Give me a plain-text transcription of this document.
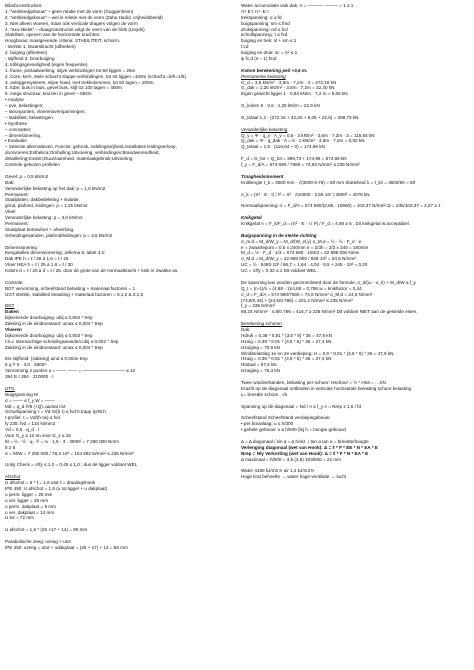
Bibobconstructies:
1. “verkleedgebouw” – geen relatie met de vorm (Guggenheim)
2. “verkleedgebouw” – wel in relatie met de vorm (Zaha Hadid, vrijheidsbeeld)
3. Niet alleen vloeren, maar ook verticale dragers volgen de vorm
4. “exo-skelet” – draagconstructie volgt de vorm van de blob (Lloyds)
Stabiliteit, openen van de horizontale krachten.
Hoogbouw; maatgevende criteria: STABILITEIT, schorm.
- sterkte 1. Dwarskracht (afbreken)
2. buiging (afbreken)
- stijfheid 3. Doorbuiging
4. trillingsgevoeligheid (eigen frequentie)
1. frame, portaalwerking, stijve verbindingen tot 50 liggen = 25m
2. Core, kern, stele schacht slappe verbindingen, tot 40 liggen =150m (schacht =b/h=1/6)
3. outriggersysteem, stijve hoed, met trekkolommen, tot 50 lagen = 200m.
4. tube; buis in buis, gevel buis, stijf tot 100 lagen = 400m
5. mega structuur, kruizen in gevel – 650m
• Analyse
– pve, belastingen;
– steunpunten, vloerenoverspanningen;
– stabiliteit, belastingen.
• Synthese
– concepten;
– dimensionering.
• Evaluatie
– Selectie alternatieven. Functie; gebruik, indelingsvrijheid,installaties leidingverloop,
doorvoeren;Esthetica;Omhulling;Uitvoering, verbindingen;Brandwerendheid,
detaillering;Kosten;Duurzaamheid, materiaalgebruik;Uitvoering
Controle gekozen profielen
Gevel: p = 0,5 kN/m2
Dak:
Veranderlijke belasting op het dak: p = 1,0 kN/m2
Permanent:
Staalplaten, dakbedekking + isolatie,
grind, plafond, leidingen: p = 1,25 kN/m2
Vloer
Veranderlijke belasting: p = 3,0 kN/m2
Permanent:
Staalplaat betonvloer + afwerking,
Scheidingswanden, plafond/leidingen: p = 3,5 kN/m2
Dimensionering
Kengetallen dimensionering, Jellema 9, tabel 4.2:
Dak IPE h = ℓ / 28 à 1,6 = ℓ / 25
Vloer HEA h = ℓ / 25 à 1,6 = ℓ / 30
Kolom d = ℓ / 20 à d = ℓ / 25, door de grote van de normaalkracht + knik in zwakke as.
Controle;
BGT vervorming, scheefstand belasting + materiaal factoren = 1
UGT sterkte, stabiliteit belasting + materiaal factoren = 0,1,2 & 0,1,5
BGT
Daken
bijkomende doorbuiging: ubij ≤ 0,004 * ℓrep
Zakking in de eindtoestand: umax ≤ 0,004 * ℓrep
Vloeren
bijkomende doorbuiging: ubij ≤ 0,003 * ℓrep
t.b.v. steenachtige scheidingswanden;ubij ≤ 0,002 * ℓrep
Zakking in de eindtoestand: umax ≤ 0,004 * ℓrep
Eis stijfheid: (zakking) uind ≤ 0,004x ℓrep
5 q l⁴ 5 · 3,0 · 3600⁴
Vervorming 2 punten u = ─── ─── = ───────────── ≤ 12
384 E·I 384 · 210000 · I
UTG
Buigspanning M
σ = ─── ≤ f_y W = ───
Md = q_d·l²/8 (+Q)..aantal m2
Schuifspanning τ = Vd·S/(b·I) ≤ fvd h.trapp Ip/W.h
I-profiel: τ = Vd/(h·tw) ≤ fvd
fy 235: fvd = 134 N/mm2
Vd = 0,5 · q_d · l
Voor G_y ≤ 12 en voor G_z ≤ 15
M = ½ · ½ · q · l² = ⅛ · 1,5 · 3 · 3600² = 7 290 000 Nmm
8 2 8
σ = M/W = 7 290 000 / 78,3·10³ = 104 682 N/mm² ≤ 235 N/mm²
Unity Check = σ/fy ≤ 1,0 = 0,45 ≤ 1,0 ; dus de ligger voldoet WEL
Afschot
U afschot = 6 * ℓ = 1,6 utot ℓ = draaiingshoek
IPE 450; U afschot = 1,6 (u tot ligger + u dakplaat)
u perm. ligger = 25 mm
u ver. ligger = 25 mm
u perm. dakplaat = 9 mm
u ver. dakplaat = 14 mm
U tot = 72 mm
U afschot = 1,6 * (25 +17 + 14) = 90 mm
Parabolische zeeg: uzeeg > utot
IPE 450: uzeeg = utot + udakplaat = (25 + 17) + 14 = 56 mm
Water accumulatie vlak dak; n = ───── ──── = 1 ≥ 1
π⁴·E·I π⁴ ·E·I
trekspanning: σ ≤ fd
buigspanning: sm ≤ fmd
drukspanning: σd ≤ fcd
schuifspanning: τ ≤ fvd
buiging en trek: st + sm ≤ 1
f.cd
buiging en druk: sc = π² ≤ 1
ψ fc,d (n – 1) fmd
Kolom berekening peil +3,6 m.
Permanente belasting
G_d = 3,5 kN/m² · 3,6m · 7,2m · 3 = 272,16 kN
G_dak = 1,25 kN/m² · 3,6m · 7,2m = 32,40 kN
Eigen gewicht ligger 1 · 0,84 kN/m · 7,2 m = 6,05 kN
G_kolom 5 · 3,6 · 1,25 kN/m = 22,5 kN
G_totaal 1,2 · (272,16 + 32,40 + 6,05 + 22,5) = 399,73 kN
Veranderlijke belasting
Q_v = Ψ · q_v · A_v = 0,5 · 3 kN/m² · 3,6m · 7,2m · 3 = 116,64 kN
Q_dak = Ψ · q_dak · A = 0 · 1 kN/m² · 3,6m · 7,2m = 0,00 kN
Q_totaal = 1,5 · (116,64 + 0) = 174,96 kN
F_d = G_tot + Q_tot = 399,73 + 174,96 = 574,69 kN
f_y = F_d/A = 574 690 / 7680 = 74,83 N/mm² ≤ 235 N/mm²
Traagheidsmoment
Kniklengte ℓ_k = 3600 mm · √(3600·0,75) = 60 mm Slankheid λ = ℓ_k/i = 3600/60 = 60
σ_k = (π² · E · I) / ℓ² = π² · 210000 · 2,55·10⁷ / 3600² = 4078 kN
Normaalspanning: σ = F_d/A = 574 690/(0,66 · 10960) = 103,37 N/mm² Ω = 235/103,37 = 2,27 ≥ 1
Knikgetal
Knikgetal n = F_k/F_d = (π² · E · I / ℓ²) / F_d = 4,68 ≥ 5 ; Dit knikgetal is acceptabel.
Buigspanning in de sterke richting
σ_m,d = M_d/W_y = M_d/(W_el,y) σ_M,d = ½ · ½ · F_d · e
e = zwaartepunt = 0,5 x 240mm e = 2/3h = 2/3 x 240 = 160mm
M_d = ½ · F_d · 1/3 = 574 690 · 160/3 = 22 988 000 Nmm
σ_M,d = M_d/W_y = 22 988 000 / 938·10³ = 24,5 N/mm²
UC = ½ · 5480·10³ / 66,7 = 1,64 · 4,04 · 5,5 + 245 · 10³ = 0,20
UC = σ/fy = 0,32 ≤ 1 Dit voldoet WEL.
De spanning kan worden gecontroleerd door de formule; σ_d/(ω · σ_k) + M_d/W ≤ f_y
Q_t = (n-1)/n = (4,68 - 1)/4,68 = 0,786 w = knikfactor = 0,44
σ_d = F_d/A = 574 690/7680 = 74,8 N/mm² σ_M,d = 24,5 N/mm²
(74,8/0,44) + (24,5/0,786) = 201,2 N/mm² ≤ 235 N/mm²
f_y = 235 N/mm²
68,24 N/mm² · 4,8/0,786 = 416,7 ≥ 235 N/mm² Dit voldoet NIET aan de gestelde eisen.
Berekening schoren
Dak:
Hdruk = 0,38 * 0,91 * (3,5 * 6) * 36 = 47,9 kN
Hzuig = 0,38 * 0,91 * (3,5 * 6) * 36 = 27,4 kN
Hzuiging = 70,9 kN
Windbelasting 1e en 2e verdieping: H = 0,9 * 0,91 * (3,6 * 6) * 36 = 47,9 kN
Hzuig = 0,38 * 0,91 * (3,6 * 6) * 36 = 27,4 kN
Htotaal = 67,4 kN
Hzuiging = 75,3 kN
Twee windverbanden, belasting per schoor: Hschoor = ½ * Htot = ... kN
Kracht op de diagonaal ontbinden in verticale horizontale belasting schoor belasting
L= breedte schoor . √5
Spanning op de diagonaal = Nd / A ≤ f_y A = Nrep x 1,5 / fd
Scheefstand Scheefstand verdiepingsbouw:
• per bouwlaag: u ≤ h/300
• gehele gebouw: u ≤ h/500 (bij h = hoogte gebouw)
Δ = Δ diagonaal / sin α = Δ horiz. / tan α tan α = breedte/hoogte
Verlenging diagonaal (wet van Hook): Δ = ℓ * F * EE * N * EA * E
Nrep = N/γ Verkorting (wet van Hook): Δ = ℓ * F * N * EA * E
Δ maximaal = h/500 = 3,6 (3,6) 103/500 = 22 mm
Water 4180 kJ/m3 K air 1,2 kJ/m3 K
Hoge krat behoefte → water hage ventilatie → lucht
